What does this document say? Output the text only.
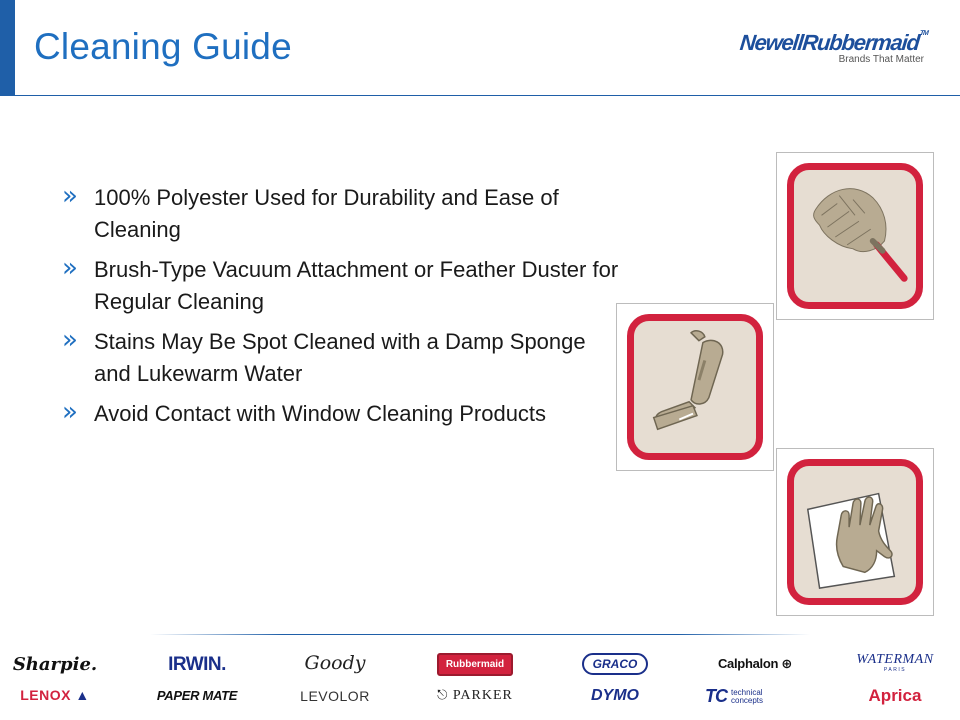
Cleaning Guide	NewellRubbermaid™
Brands That Matter
» 100% Polyester Used for Durability and Ease of Cleaning
» Brush-Type Vacuum Attachment or Feather Duster for Regular Cleaning
» Stains May Be Spot Cleaned with a Damp Sponge and Lukewarm Water
» Avoid Contact with Window Cleaning Products
Sharpie.	IRWIN.	Goody	Rubbermaid	GRACO	Calphalon ⊕	WATERMAN
PARIS
LENOX ▲	PAPER MATE	LEVOLOR	⎋ PARKER	DYMO	TC technical
concepts	Aprica
